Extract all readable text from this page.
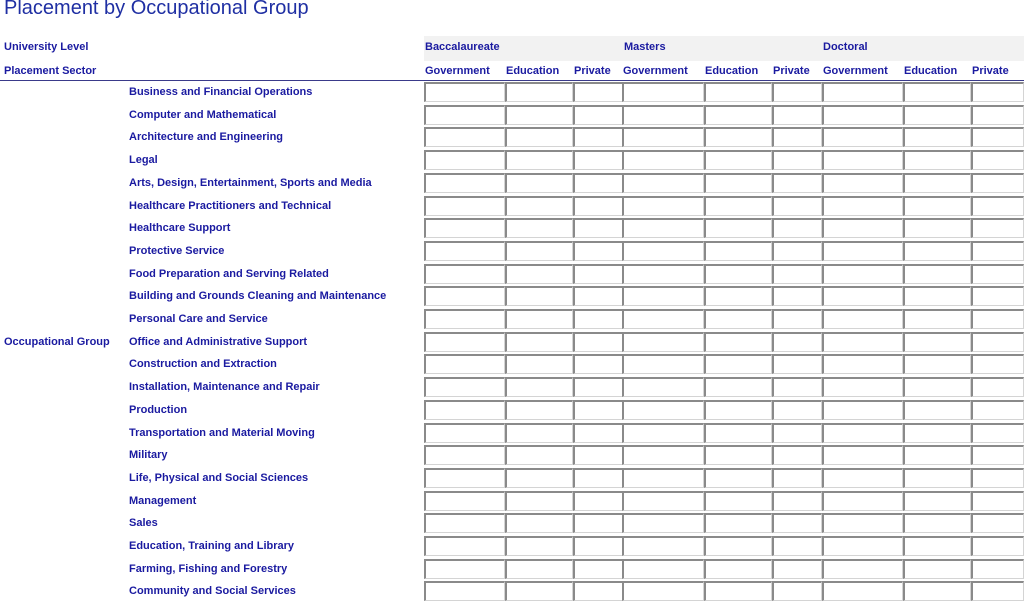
Placement by Occupational Group
University Level
Placement Sector
Baccalaureate	Masters	Doctoral
Government Education Private Government Education Private Government Education Private
Business and Financial Operations
Computer and Mathematical
Architecture and Engineering
Legal
Arts, Design, Entertainment, Sports and Media
Healthcare Practitioners and Technical
Healthcare Support
Protective Service
Food Preparation and Serving Related
Building and Grounds Cleaning and Maintenance
Personal Care and Service
Office and Administrative Support
Construction and Extraction
Installation, Maintenance and Repair
Production
Transportation and Material Moving
Military
Life, Physical and Social Sciences
Management
Sales
Education, Training and Library
Farming, Fishing and Forestry
Community and Social Services
Occupational Group
